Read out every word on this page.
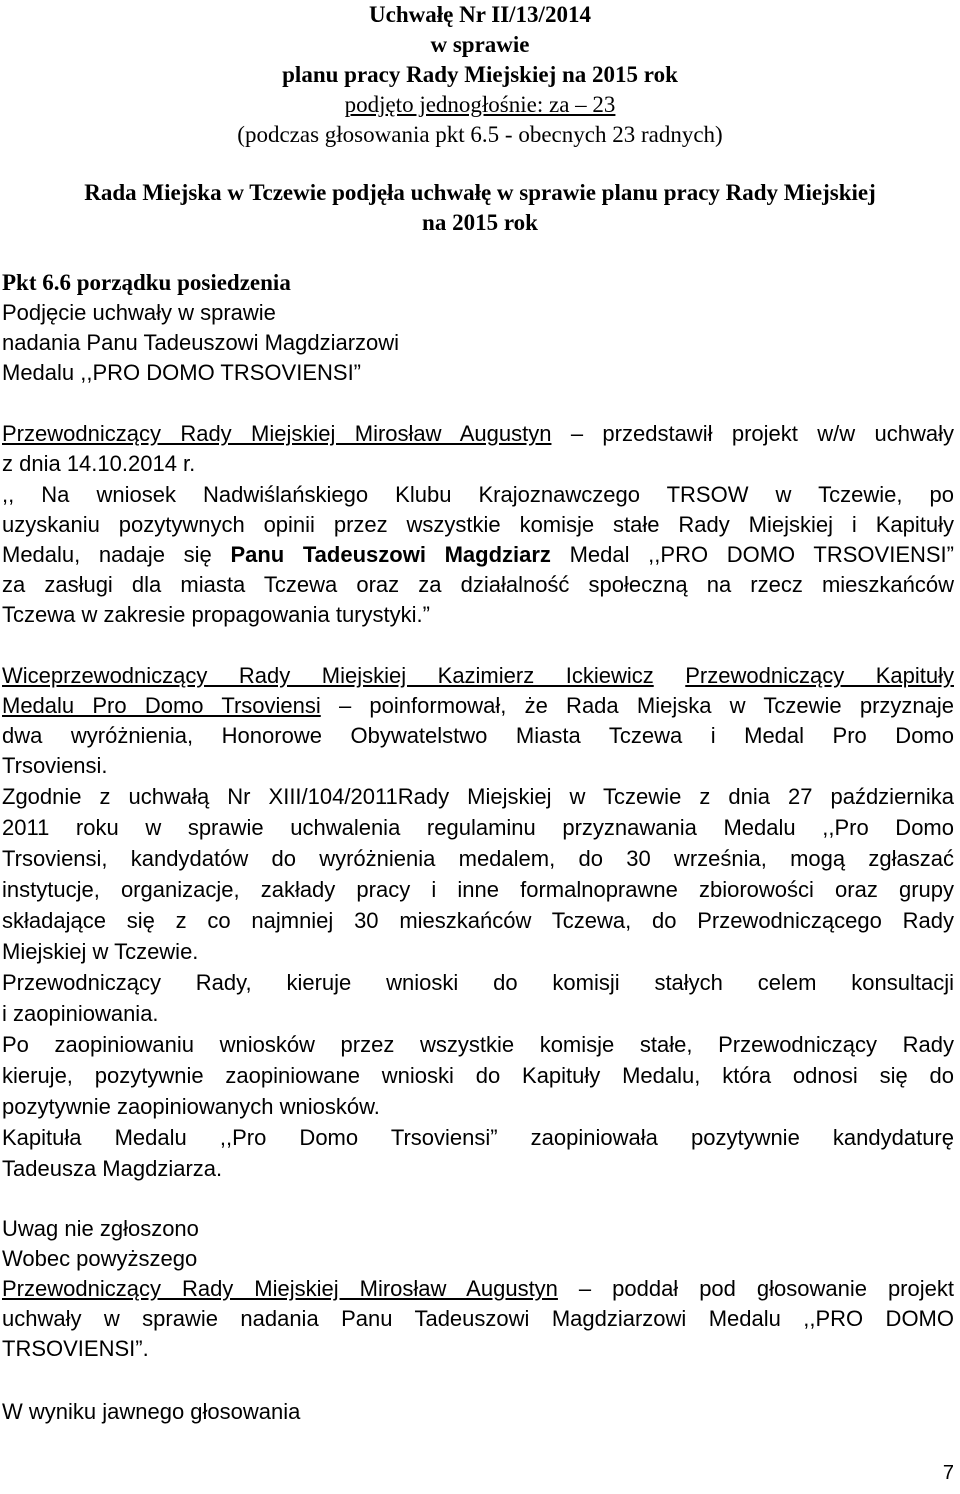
Uchwałę Nr II/13/2014
w sprawie
planu pracy Rady Miejskiej na 2015 rok
podjęto jednogłośnie: za – 23
(podczas głosowania pkt 6.5 - obecnych 23 radnych)
Rada Miejska w Tczewie podjęła uchwałę w sprawie planu pracy Rady Miejskiej
na 2015 rok
Pkt 6.6 porządku posiedzenia
Podjęcie uchwały w sprawie
nadania Panu Tadeuszowi Magdziarzowi
Medalu ,,PRO DOMO TRSOVIENSI”
Przewodniczący Rady Miejskiej Mirosław Augustyn – przedstawił projekt w/w uchwały
z dnia 14.10.2014 r.
,, Na wniosek Nadwiślańskiego Klubu Krajoznawczego TRSOW w Tczewie, po
uzyskaniu pozytywnych opinii przez wszystkie komisje stałe Rady Miejskiej i Kapituły
Medalu, nadaje się Panu Tadeuszowi Magdziarz Medal ,,PRO DOMO TRSOVIENSI”
za zasługi dla miasta Tczewa oraz za działalność społeczną na rzecz mieszkańców
Tczewa w zakresie propagowania turystyki.”
Wiceprzewodniczący Rady Miejskiej Kazimierz Ickiewicz Przewodniczący Kapituły
Medalu Pro Domo Trsoviensi – poinformował, że Rada Miejska w Tczewie przyznaje
dwa wyróżnienia, Honorowe Obywatelstwo Miasta Tczewa i Medal Pro Domo
Trsoviensi.
Zgodnie z uchwałą Nr XIII/104/2011Rady Miejskiej w Tczewie z dnia 27 października
2011 roku w sprawie uchwalenia regulaminu przyznawania Medalu ,,Pro Domo
Trsoviensi, kandydatów do wyróżnienia medalem, do 30 września, mogą zgłaszać
instytucje, organizacje, zakłady pracy i inne formalnoprawne zbiorowości oraz grupy
składające się z co najmniej 30 mieszkańców Tczewa, do Przewodniczącego Rady
Miejskiej w Tczewie.
Przewodniczący Rady, kieruje wnioski do komisji stałych celem konsultacji
i zaopiniowania.
Po zaopiniowaniu wniosków przez wszystkie komisje stałe, Przewodniczący Rady
kieruje, pozytywnie zaopiniowane wnioski do Kapituły Medalu, która odnosi się do
pozytywnie zaopiniowanych wniosków.
Kapituła Medalu ,,Pro Domo Trsoviensi” zaopiniowała pozytywnie kandydaturę
Tadeusza Magdziarza.
Uwag nie zgłoszono
Wobec powyższego
Przewodniczący Rady Miejskiej Mirosław Augustyn – poddał pod głosowanie projekt
uchwały w sprawie nadania Panu Tadeuszowi Magdziarzowi Medalu ,,PRO DOMO
TRSOVIENSI”.
W wyniku jawnego głosowania
7
